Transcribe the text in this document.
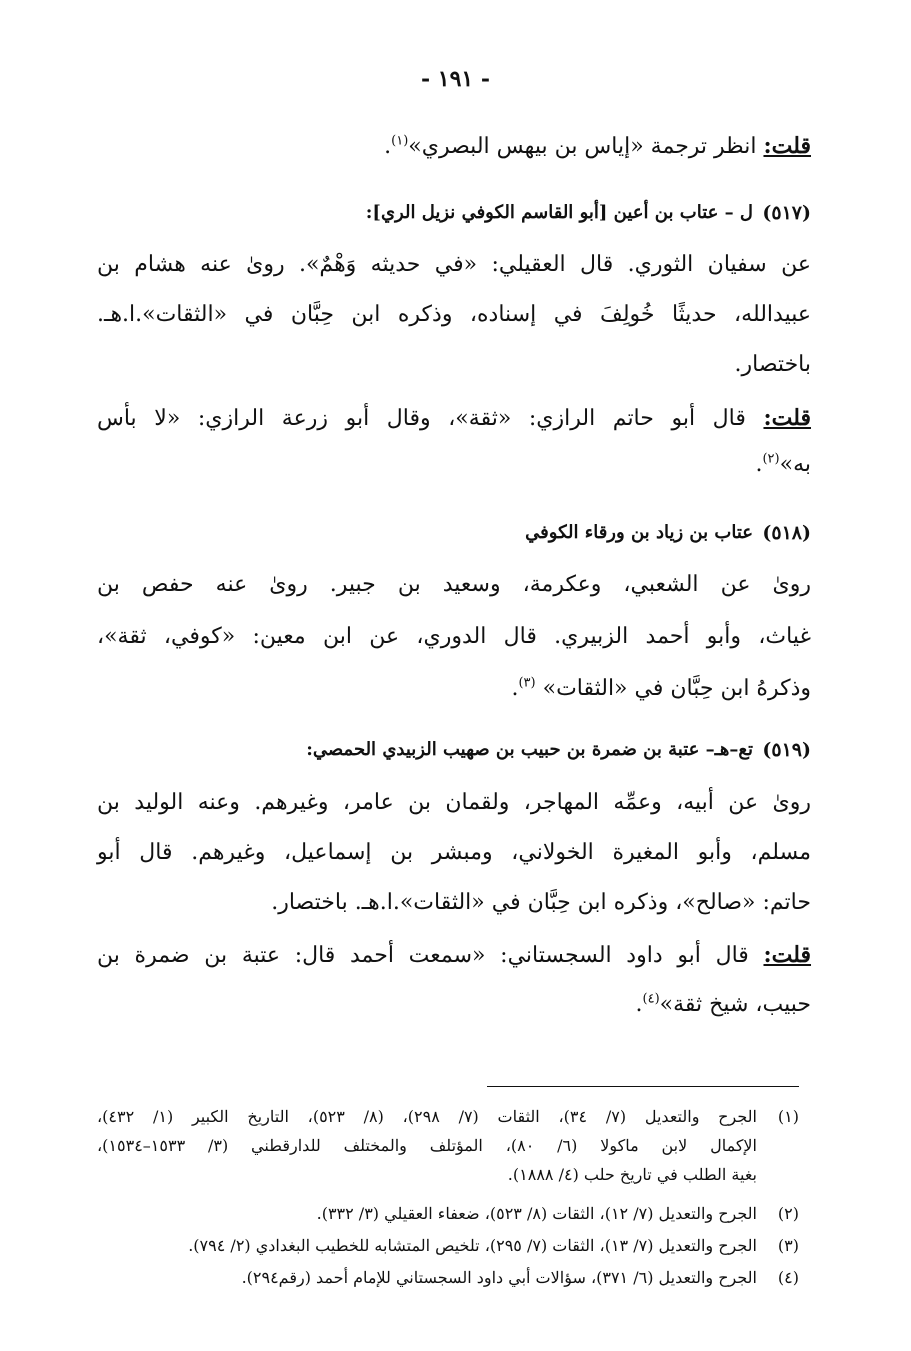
- ١٩١ -
قلت: انظر ترجمة «إياس بن بيهس البصري»$^{(١)}$.
(٥١٧)
ل – عتاب بن أعين [أبو القاسم الكوفي نزيل الري]:
عن سفيان الثوري. قال العقيلي: «في حديثه وَهْمٌ». روىٰ عنه هشام بن
عبيدالله، حديثًا خُولِفَ في إسناده، وذكره ابن حِبَّان في «الثقات».ا.هـ.
باختصار.
قلت: قال أبو حاتم الرازي: «ثقة»، وقال أبو زرعة الرازي: «لا بأس
به»$^{(٢)}$.
(٥١٨)
عتاب بن زياد بن ورقاء الكوفي
روىٰ عن الشعبي، وعكرمة، وسعيد بن جبير. روىٰ عنه حفص بن
غياث، وأبو أحمد الزبيري. قال الدوري، عن ابن معين: «كوفي، ثقة»،
وذكرهُ ابن حِبَّان في «الثقات» $^{(٣)}$.
(٥١٩)
تع–هـ– عتبة بن ضمرة بن حبيب بن صهيب الزبيدي الحمصي:
روىٰ عن أبيه، وعمِّه المهاجر، ولقمان بن عامر، وغيرهم. وعنه الوليد بن
مسلم، وأبو المغيرة الخولاني، ومبشر بن إسماعيل، وغيرهم. قال أبو
حاتم: «صالح»، وذكره ابن حِبَّان في «الثقات».ا.هـ. باختصار.
قلت: قال أبو داود السجستاني: «سمعت أحمد قال: عتبة بن ضمرة بن
حبيب، شيخ ثقة»$^{(٤)}$.
(١)
الجرح والتعديل (٧/ ٣٤)، الثقات (٧/ ٢٩٨)، (٨/ ٥٢٣)، التاريخ الكبير (١/ ٤٣٢)،
الإكمال لابن ماكولا (٦/ ٨٠)، المؤتلف والمختلف للدارقطني (٣/ ١٥٣٣–١٥٣٤)،
بغية الطلب في تاريخ حلب (٤/ ١٨٨٨).
(٢)
الجرح والتعديل (٧/ ١٢)، الثقات (٨/ ٥٢٣)، ضعفاء العقيلي (٣/ ٣٣٢).
(٣)
الجرح والتعديل (٧/ ١٣)، الثقات (٧/ ٢٩٥)، تلخيص المتشابه للخطيب البغدادي (٢/ ٧٩٤).
(٤)
الجرح والتعديل (٦/ ٣٧١)، سؤالات أبي داود السجستاني للإمام أحمد (رقم٢٩٤).
